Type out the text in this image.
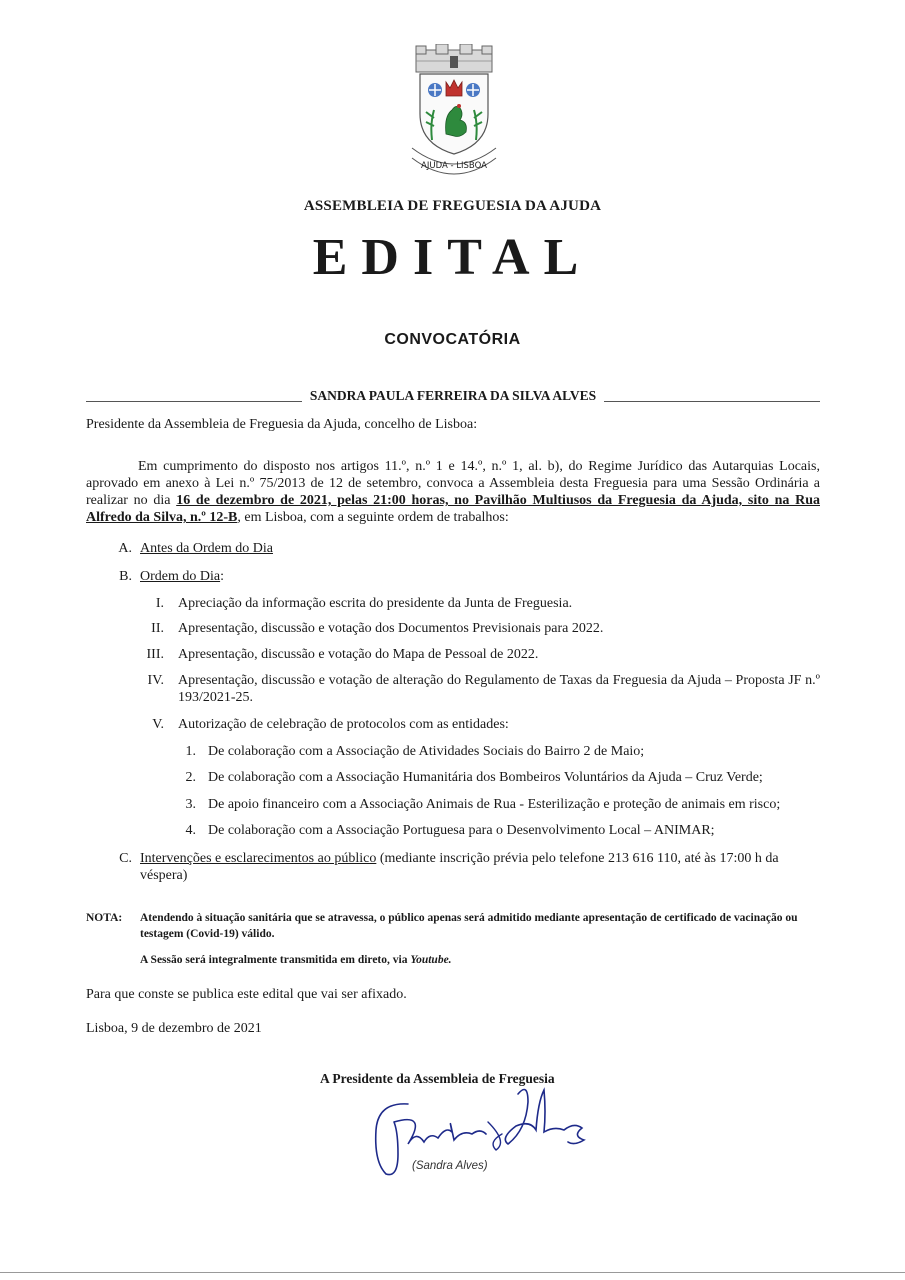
AJUDA - LISBOA
ASSEMBLEIA DE FREGUESIA DA AJUDA
EDITAL
CONVOCATÓRIA
SANDRA PAULA FERREIRA DA SILVA ALVES
Presidente da Assembleia de Freguesia da Ajuda, concelho de Lisboa:
Em cumprimento do disposto nos artigos 11.º, n.º 1 e 14.º, n.º 1, al. b), do Regime Jurídico das Autarquias Locais, aprovado em anexo à Lei n.º 75/2013 de 12 de setembro, convoca a Assembleia desta Freguesia para uma Sessão Ordinária a realizar no dia 16 de dezembro de 2021, pelas 21:00 horas, no Pavilhão Multiusos da Freguesia da Ajuda, sito na Rua Alfredo da Silva, n.º 12-B, em Lisboa, com a seguinte ordem de trabalhos:
A. Antes da Ordem do Dia
B. Ordem do Dia:
I. Apreciação da informação escrita do presidente da Junta de Freguesia.
II. Apresentação, discussão e votação dos Documentos Previsionais para 2022.
III. Apresentação, discussão e votação do Mapa de Pessoal de 2022.
IV. Apresentação, discussão e votação de alteração do Regulamento de Taxas da Freguesia da Ajuda – Proposta JF n.º 193/2021-25.
V. Autorização de celebração de protocolos com as entidades:
1. De colaboração com a Associação de Atividades Sociais do Bairro 2 de Maio;
2. De colaboração com a Associação Humanitária dos Bombeiros Voluntários da Ajuda – Cruz Verde;
3. De apoio financeiro com a Associação Animais de Rua - Esterilização e proteção de animais em risco;
4. De colaboração com a Associação Portuguesa para o Desenvolvimento Local – ANIMAR;
C. Intervenções e esclarecimentos ao público (mediante inscrição prévia pelo telefone 213 616 110, até às 17:00 h da véspera)
NOTA: Atendendo à situação sanitária que se atravessa, o público apenas será admitido mediante apresentação de certificado de vacinação ou testagem (Covid-19) válido.
A Sessão será integralmente transmitida em direto, via Youtube.
Para que conste se publica este edital que vai ser afixado.
Lisboa, 9 de dezembro de 2021
A Presidente da Assembleia de Freguesia
(Sandra Alves)
